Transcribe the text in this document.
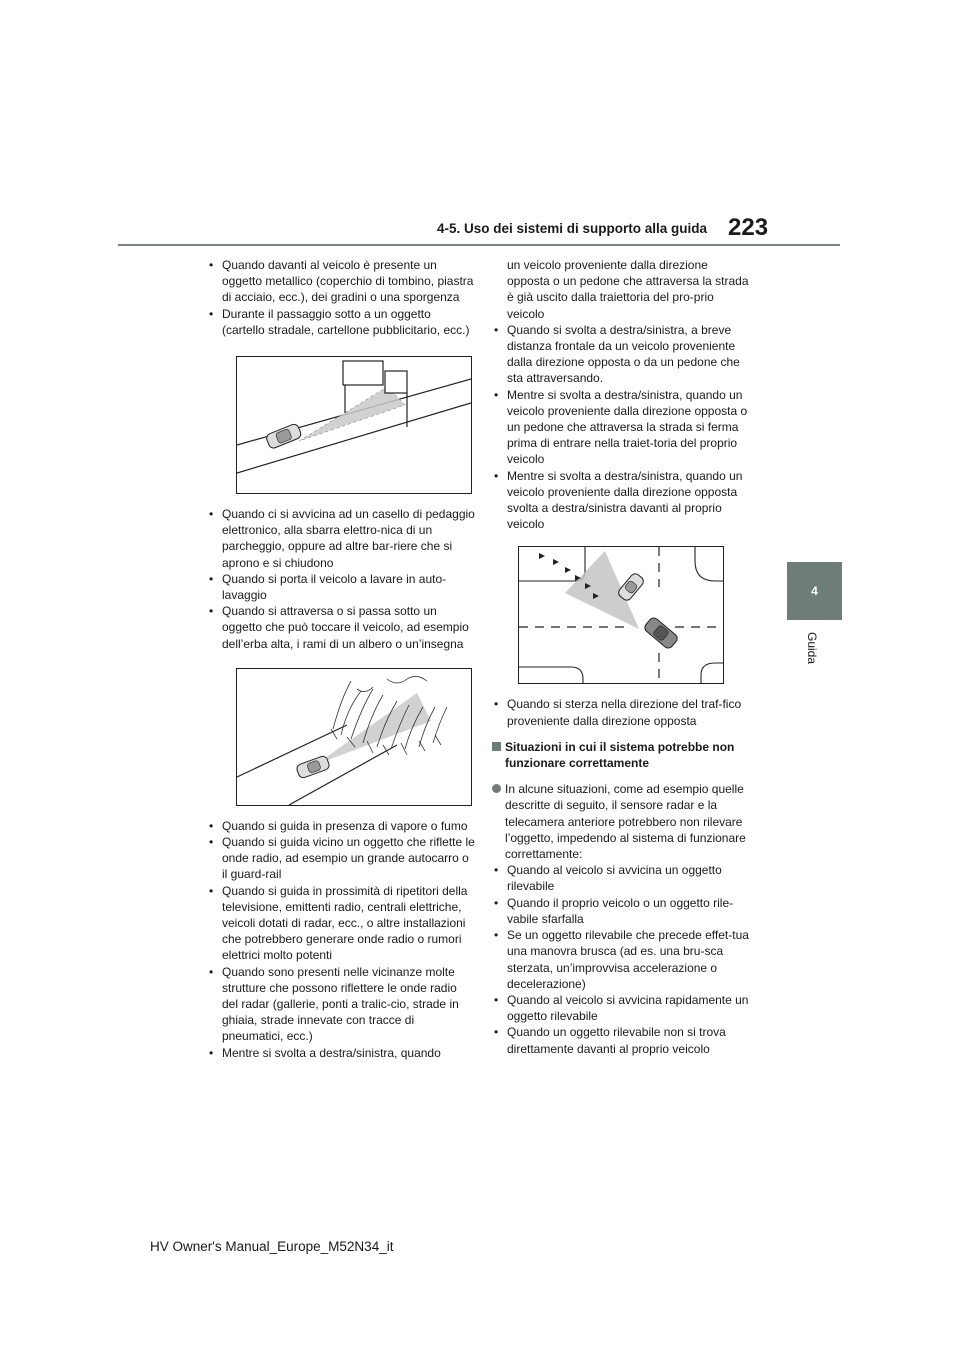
4-5. Uso dei sistemi di supporto alla guida 223
4
Guida
• Quando davanti al veicolo è presente un oggetto metallico (coperchio di tombino, piastra di acciaio, ecc.), dei gradini o una sporgenza
• Durante il passaggio sotto a un oggetto (cartello stradale, cartellone pubblicitario, ecc.)
• Quando ci si avvicina ad un casello di pedaggio elettronico, alla sbarra elettro-nica di un parcheggio, oppure ad altre bar-riere che si aprono e si chiudono
• Quando si porta il veicolo a lavare in auto-lavaggio
• Quando si attraversa o si passa sotto un oggetto che può toccare il veicolo, ad esempio dell’erba alta, i rami di un albero o un’insegna
• Quando si guida in presenza di vapore o fumo
• Quando si guida vicino un oggetto che riflette le onde radio, ad esempio un grande autocarro o il guard-rail
• Quando si guida in prossimità di ripetitori della televisione, emittenti radio, centrali elettriche, veicoli dotati di radar, ecc., o altre installazioni che potrebbero generare onde radio o rumori elettrici molto potenti
• Quando sono presenti nelle vicinanze molte strutture che possono riflettere le onde radio del radar (gallerie, ponti a tralic-cio, strade in ghiaia, strade innevate con tracce di pneumatici, ecc.)
• Mentre si svolta a destra/sinistra, quando
un veicolo proveniente dalla direzione opposta o un pedone che attraversa la strada è già uscito dalla traiettoria del pro-prio veicolo
• Quando si svolta a destra/sinistra, a breve distanza frontale da un veicolo proveniente dalla direzione opposta o da un pedone che sta attraversando.
• Mentre si svolta a destra/sinistra, quando un veicolo proveniente dalla direzione opposta o un pedone che attraversa la strada si ferma prima di entrare nella traiet-toria del proprio veicolo
• Mentre si svolta a destra/sinistra, quando un veicolo proveniente dalla direzione opposta svolta a destra/sinistra davanti al proprio veicolo
• Quando si sterza nella direzione del traf-fico proveniente dalla direzione opposta
Situazioni in cui il sistema potrebbe non funzionare correttamente
In alcune situazioni, come ad esempio quelle descritte di seguito, il sensore radar e la telecamera anteriore potrebbero non rilevare l’oggetto, impedendo al sistema di funzionare correttamente:
• Quando al veicolo si avvicina un oggetto rilevabile
• Quando il proprio veicolo o un oggetto rile-vabile sfarfalla
• Se un oggetto rilevabile che precede effet-tua una manovra brusca (ad es. una bru-sca sterzata, un’improvvisa accelerazione o decelerazione)
• Quando al veicolo si avvicina rapidamente un oggetto rilevabile
• Quando un oggetto rilevabile non si trova direttamente davanti al proprio veicolo
HV Owner's Manual_Europe_M52N34_it
